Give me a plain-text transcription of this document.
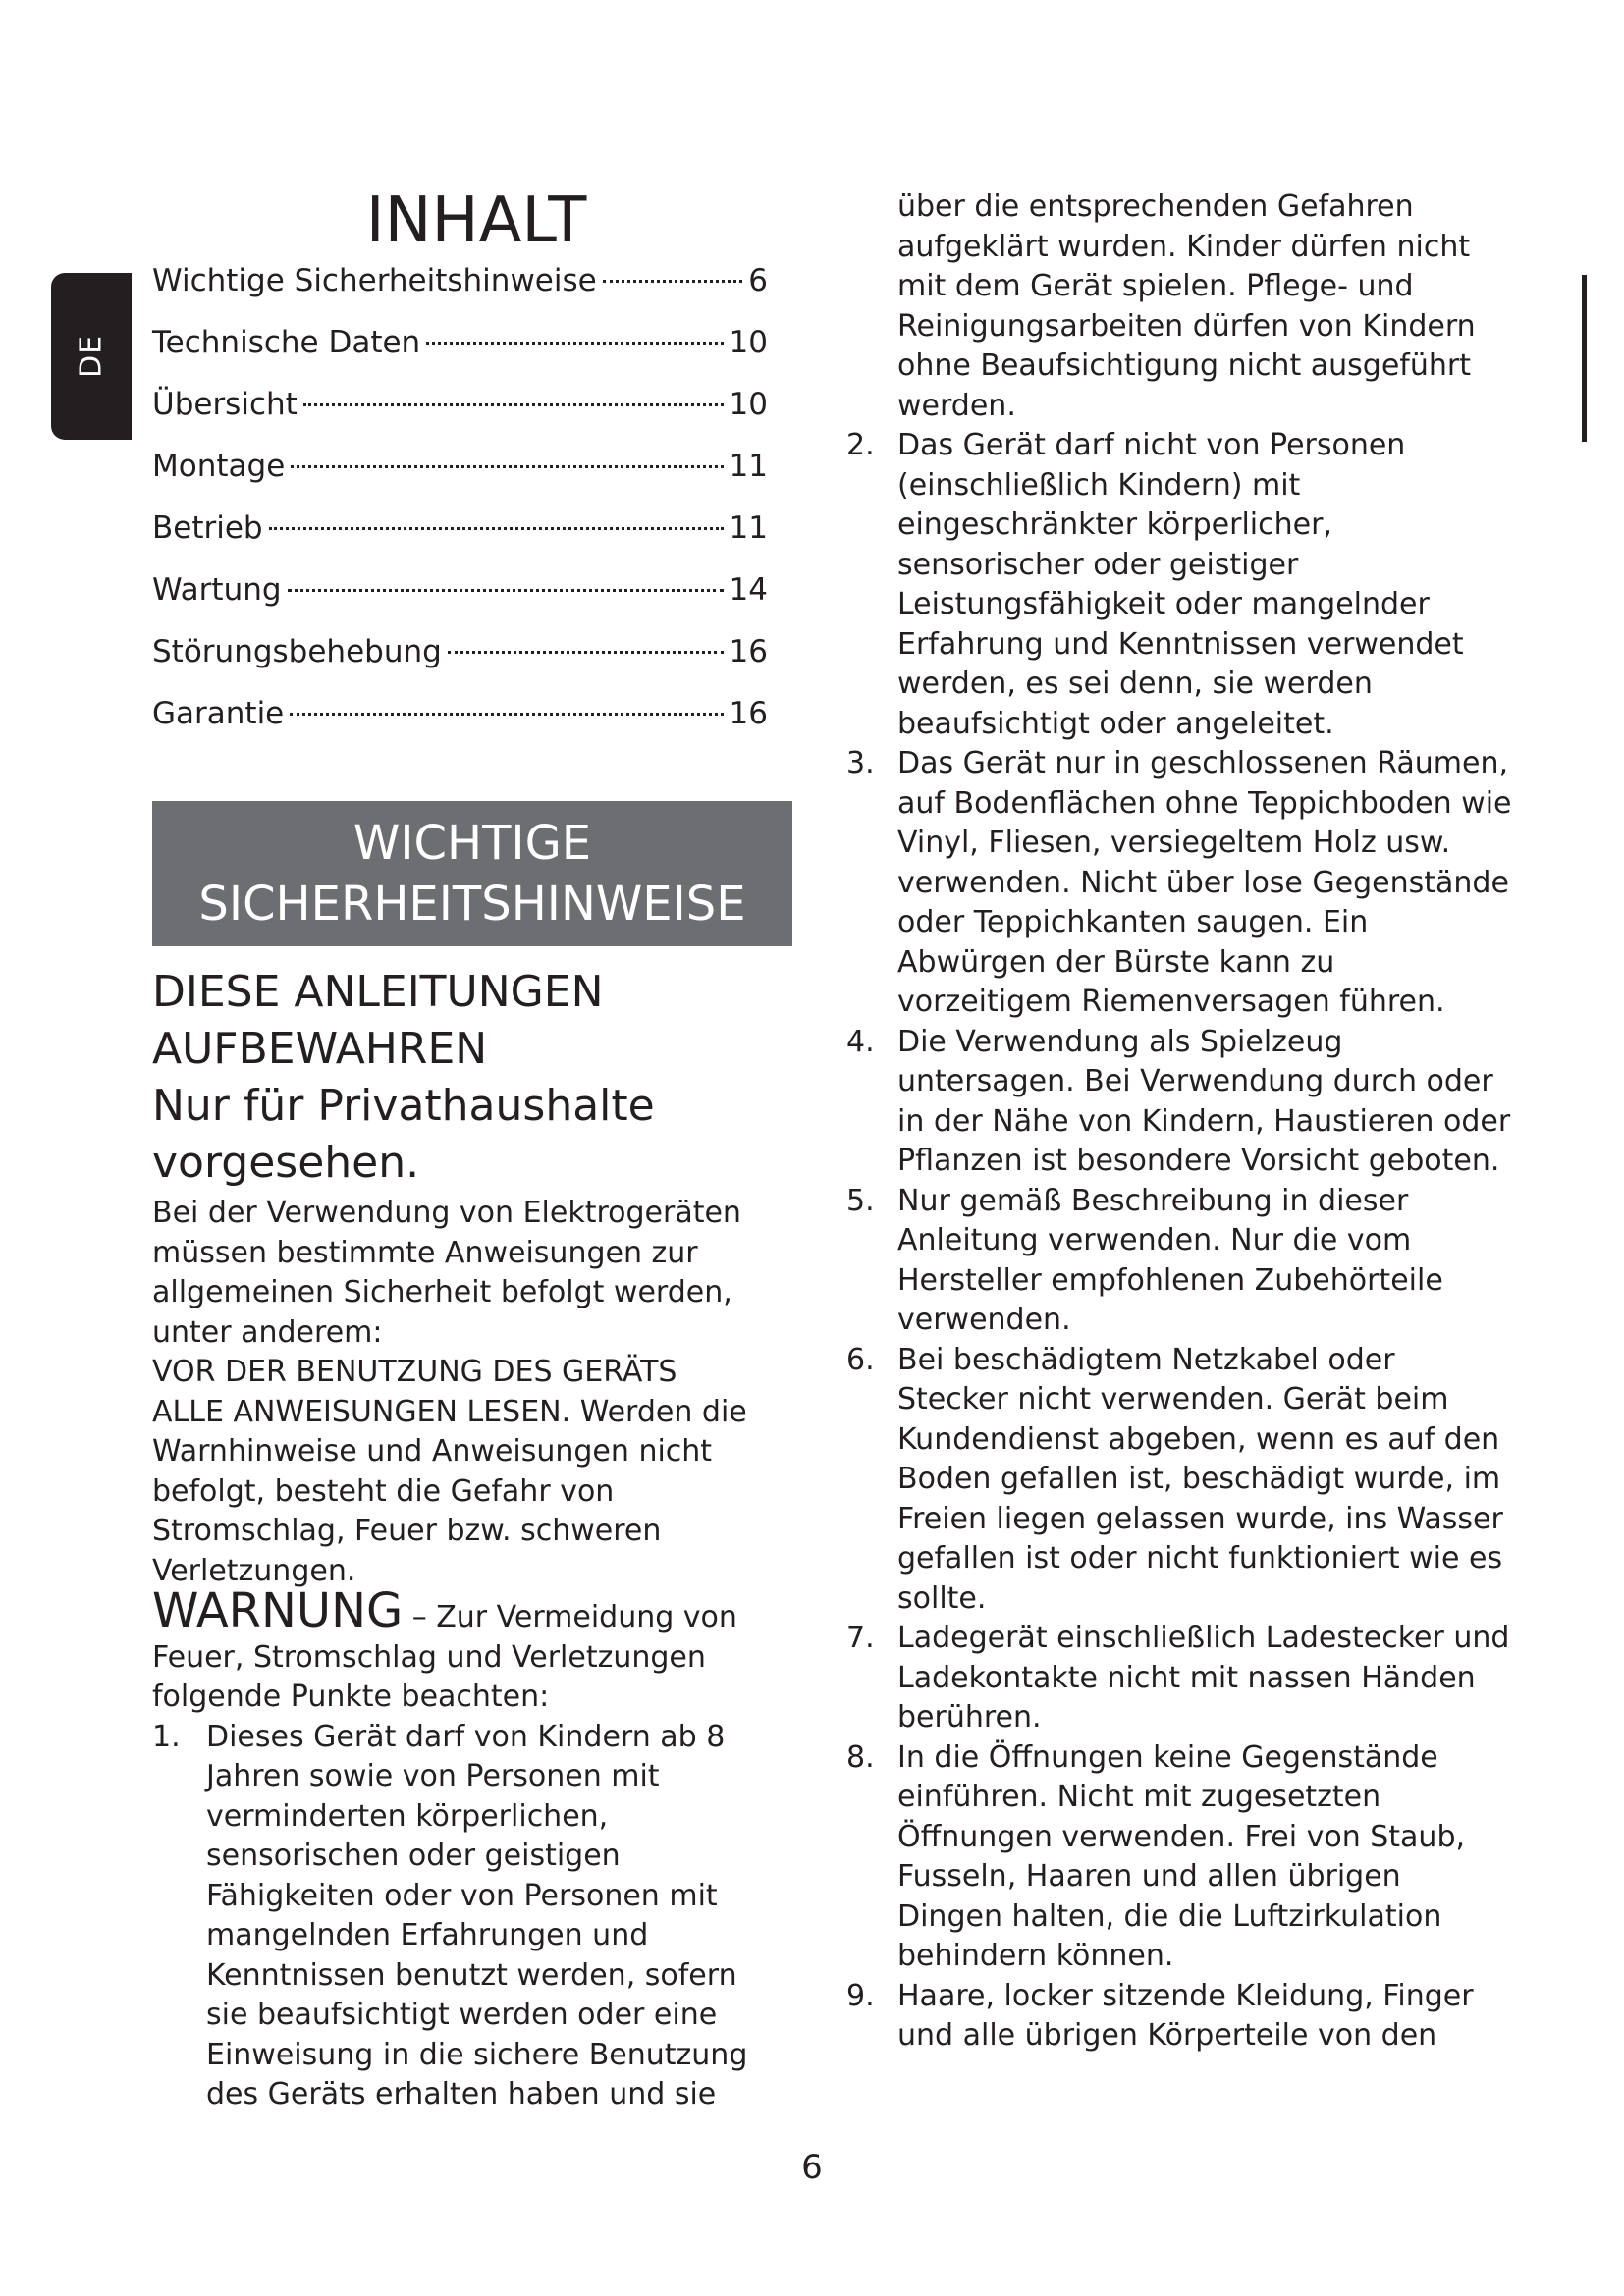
DE
INHALT
Wichtige Sicherheitshinweise	6
Technische Daten	10
Übersicht	10
Montage	11
Betrieb	11
Wartung	14
Störungsbehebung	16
Garantie	16
WICHTIGE
SICHERHEITSHINWEISE
DIESE ANLEITUNGEN
AUFBEWAHREN
Nur für Privathaushalte
vorgesehen.

Bei der Verwendung von Elektrogeräten müssen bestimmte Anweisungen zur allgemeinen Sicherheit befolgt werden, unter anderem:

VOR DER BENUTZUNG DES GERÄTS
ALLE ANWEISUNGEN LESEN. Werden die Warnhinweise und Anweisungen nicht befolgt, besteht die Gefahr von Stromschlag, Feuer bzw. schweren Verletzungen.

WARNUNG – Zur Vermeidung von Feuer, Stromschlag und Verletzungen folgende Punkte beachten:

1. Dieses Gerät darf von Kindern ab 8 Jahren sowie von Personen mit verminderten körperlichen, sensorischen oder geistigen Fähigkeiten oder von Personen mit mangelnden Erfahrungen und Kenntnissen benutzt werden, sofern sie beaufsichtigt werden oder eine Einweisung in die sichere Benutzung des Geräts erhalten haben und sie

über die entsprechenden Gefahren aufgeklärt wurden. Kinder dürfen nicht mit dem Gerät spielen. Pflege- und Reinigungsarbeiten dürfen von Kindern ohne Beaufsichtigung nicht ausgeführt werden.

2. Das Gerät darf nicht von Personen (einschließlich Kindern) mit eingeschränkter körperlicher, sensorischer oder geistiger Leistungsfähigkeit oder mangelnder Erfahrung und Kenntnissen verwendet werden, es sei denn, sie werden beaufsichtigt oder angeleitet.
3. Das Gerät nur in geschlossenen Räumen, auf Bodenflächen ohne Teppichboden wie Vinyl, Fliesen, versiegeltem Holz usw. verwenden. Nicht über lose Gegenstände oder Teppichkanten saugen. Ein Abwürgen der Bürste kann zu vorzeitigem Riemenversagen führen.
4. Die Verwendung als Spielzeug untersagen. Bei Verwendung durch oder in der Nähe von Kindern, Haustieren oder Pflanzen ist besondere Vorsicht geboten.
5. Nur gemäß Beschreibung in dieser Anleitung verwenden. Nur die vom Hersteller empfohlenen Zubehörteile verwenden.
6. Bei beschädigtem Netzkabel oder Stecker nicht verwenden. Gerät beim Kundendienst abgeben, wenn es auf den Boden gefallen ist, beschädigt wurde, im Freien liegen gelassen wurde, ins Wasser gefallen ist oder nicht funktioniert wie es sollte.
7. Ladegerät einschließlich Ladestecker und Ladekontakte nicht mit nassen Händen berühren.
8. In die Öffnungen keine Gegenstände einführen. Nicht mit zugesetzten Öffnungen verwenden. Frei von Staub, Fusseln, Haaren und allen übrigen Dingen halten, die die Luftzirkulation behindern können.
9. Haare, locker sitzende Kleidung, Finger und alle übrigen Körperteile von den
6
